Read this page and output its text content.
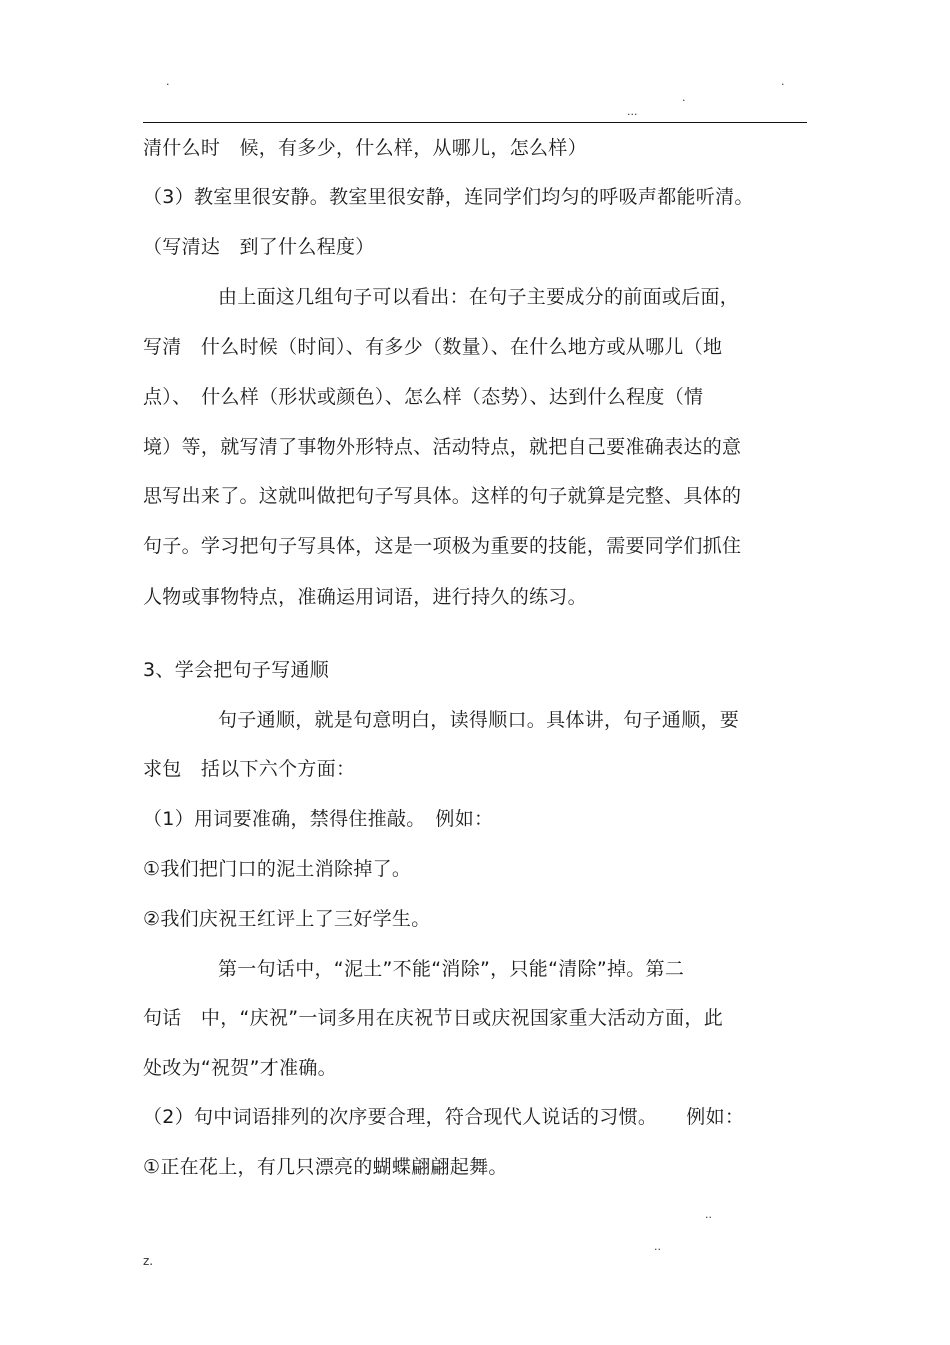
.	.
.
...
清什么时　候，有多少，什么样，从哪儿，怎么样）
（3）教室里很安静。教室里很安静，连同学们均匀的呼吸声都能听清。
（写清达　到了什么程度）
由上面这几组句子可以看出：在句子主要成分的前面或后面，
写清　什么时候（时间）、有多少（数量）、在什么地方或从哪儿（地
点）、　什么样（形状或颜色）、怎么样（态势）、达到什么程度（情
境）等，就写清了事物外形特点、活动特点，就把自己要准确表达的意
思写出来了。这就叫做把句子写具体。这样的句子就算是完整、具体的
句子。学习把句子写具体，这是一项极为重要的技能，需要同学们抓住
人物或事物特点，准确运用词语，进行持久的练习。
3、学会把句子写通顺
句子通顺，就是句意明白，读得顺口。具体讲，句子通顺，要
求包　括以下六个方面：
（1）用词要准确，禁得住推敲。　例如：
①我们把门口的泥土消除掉了。
②我们庆祝王红评上了三好学生。
第一句话中，“泥土”不能“消除”，只能“清除”掉。第二
句话　中，“庆祝”一词多用在庆祝节日或庆祝国家重大活动方面，此
处改为“祝贺”才准确。
（2）句中词语排列的次序要合理，符合现代人说话的习惯。　　例如：
①正在花上，有几只漂亮的蝴蝶翩翩起舞。
..
..
z.
